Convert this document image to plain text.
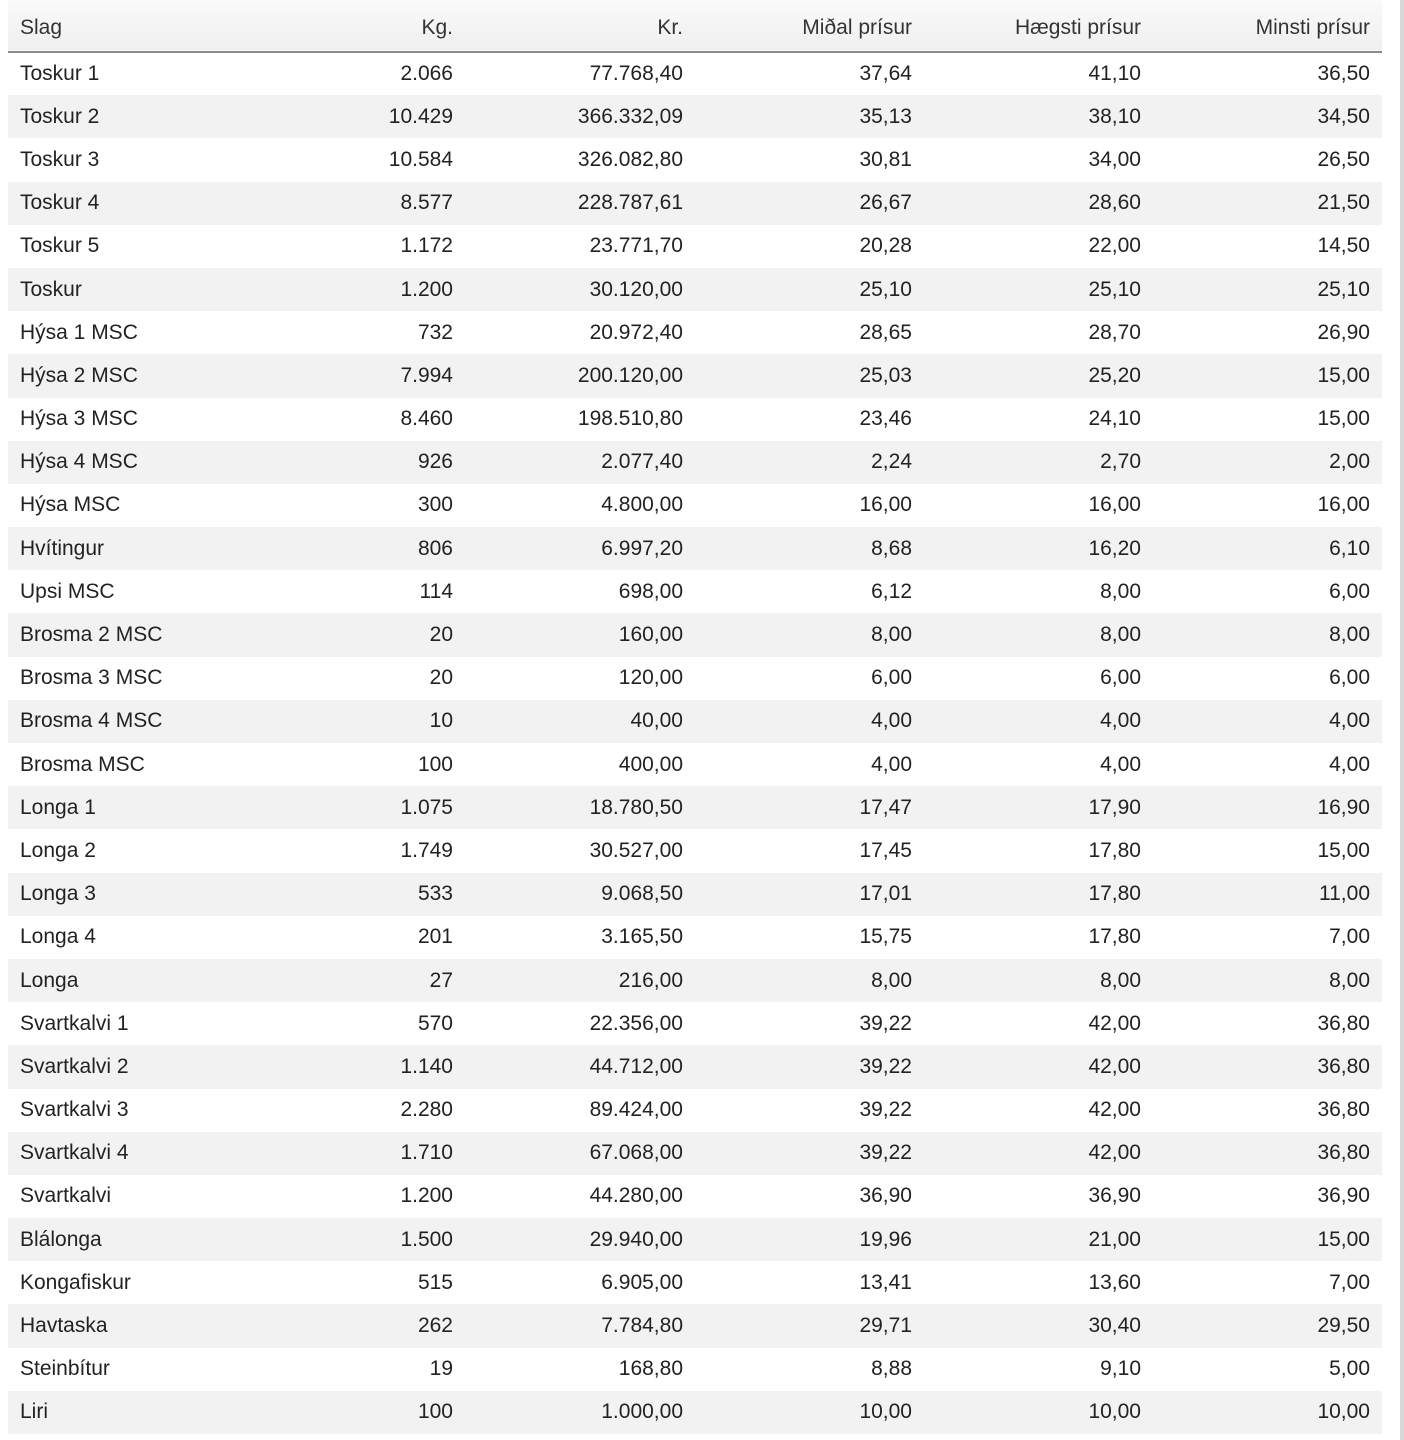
Slag	Kg.	Kr.	Miðal prísur	Hægsti prísur	Minsti prísur
Toskur 1	2.066	77.768,40	37,64	41,10	36,50
Toskur 2	10.429	366.332,09	35,13	38,10	34,50
Toskur 3	10.584	326.082,80	30,81	34,00	26,50
Toskur 4	8.577	228.787,61	26,67	28,60	21,50
Toskur 5	1.172	23.771,70	20,28	22,00	14,50
Toskur	1.200	30.120,00	25,10	25,10	25,10
Hýsa 1 MSC	732	20.972,40	28,65	28,70	26,90
Hýsa 2 MSC	7.994	200.120,00	25,03	25,20	15,00
Hýsa 3 MSC	8.460	198.510,80	23,46	24,10	15,00
Hýsa 4 MSC	926	2.077,40	2,24	2,70	2,00
Hýsa MSC	300	4.800,00	16,00	16,00	16,00
Hvítingur	806	6.997,20	8,68	16,20	6,10
Upsi MSC	114	698,00	6,12	8,00	6,00
Brosma 2 MSC	20	160,00	8,00	8,00	8,00
Brosma 3 MSC	20	120,00	6,00	6,00	6,00
Brosma 4 MSC	10	40,00	4,00	4,00	4,00
Brosma MSC	100	400,00	4,00	4,00	4,00
Longa 1	1.075	18.780,50	17,47	17,90	16,90
Longa 2	1.749	30.527,00	17,45	17,80	15,00
Longa 3	533	9.068,50	17,01	17,80	11,00
Longa 4	201	3.165,50	15,75	17,80	7,00
Longa	27	216,00	8,00	8,00	8,00
Svartkalvi 1	570	22.356,00	39,22	42,00	36,80
Svartkalvi 2	1.140	44.712,00	39,22	42,00	36,80
Svartkalvi 3	2.280	89.424,00	39,22	42,00	36,80
Svartkalvi 4	1.710	67.068,00	39,22	42,00	36,80
Svartkalvi	1.200	44.280,00	36,90	36,90	36,90
Blálonga	1.500	29.940,00	19,96	21,00	15,00
Kongafiskur	515	6.905,00	13,41	13,60	7,00
Havtaska	262	7.784,80	29,71	30,40	29,50
Steinbítur	19	168,80	8,88	9,10	5,00
Liri	100	1.000,00	10,00	10,00	10,00
